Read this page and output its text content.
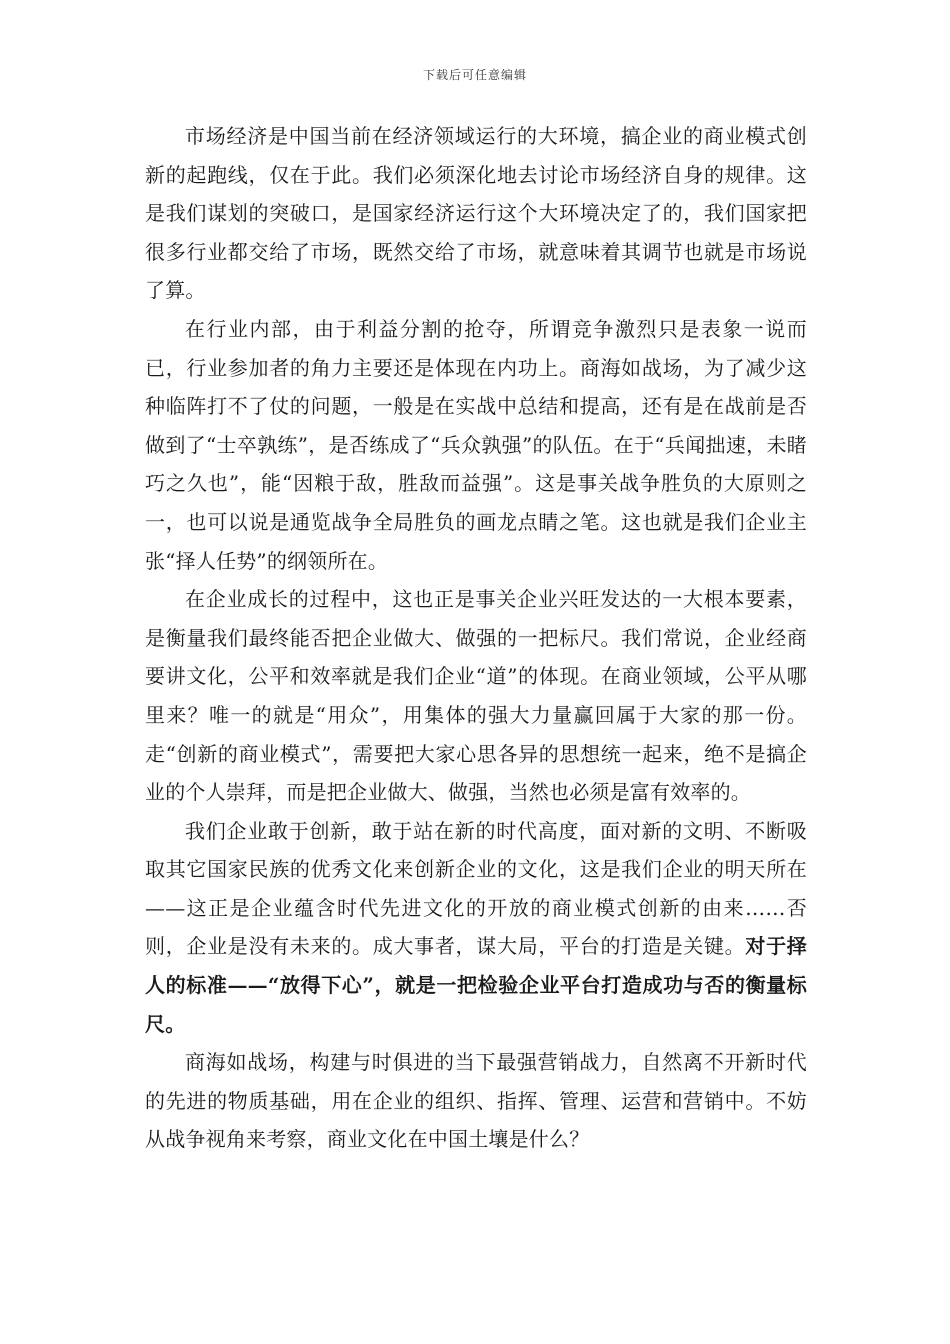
下载后可任意编辑

市场经济是中国当前在经济领域运行的大环境，搞企业的商业模式创新的起跑线，仅在于此。我们必须深化地去讨论市场经济自身的规律。这是我们谋划的突破口，是国家经济运行这个大环境决定了的，我们国家把很多行业都交给了市场，既然交给了市场，就意味着其调节也就是市场说了算。

在行业内部，由于利益分割的抢夺，所谓竞争激烈只是表象一说而已，行业参加者的角力主要还是体现在内功上。商海如战场，为了减少这种临阵打不了仗的问题，一般是在实战中总结和提高，还有是在战前是否做到了“士卒孰练”，是否练成了“兵众孰强”的队伍。在于“兵闻拙速，未睹巧之久也”，能“因粮于敌，胜敌而益强”。这是事关战争胜负的大原则之一，也可以说是通览战争全局胜负的画龙点睛之笔。这也就是我们企业主张“择人任势”的纲领所在。

在企业成长的过程中，这也正是事关企业兴旺发达的一大根本要素，是衡量我们最终能否把企业做大、做强的一把标尺。我们常说，企业经商要讲文化，公平和效率就是我们企业“道”的体现。在商业领域，公平从哪里来？唯一的就是“用众”，用集体的强大力量赢回属于大家的那一份。走“创新的商业模式”，需要把大家心思各异的思想统一起来，绝不是搞企业的个人崇拜，而是把企业做大、做强，当然也必须是富有效率的。

我们企业敢于创新，敢于站在新的时代高度，面对新的文明、不断吸取其它国家民族的优秀文化来创新企业的文化，这是我们企业的明天所在——这正是企业蕴含时代先进文化的开放的商业模式创新的由来……否则，企业是没有未来的。成大事者，谋大局，平台的打造是关键。对于择人的标准——“放得下心”，就是一把检验企业平台打造成功与否的衡量标尺。

商海如战场，构建与时俱进的当下最强营销战力，自然离不开新时代的先进的物质基础，用在企业的组织、指挥、管理、运营和营销中。不妨从战争视角来考察，商业文化在中国土壤是什么？
